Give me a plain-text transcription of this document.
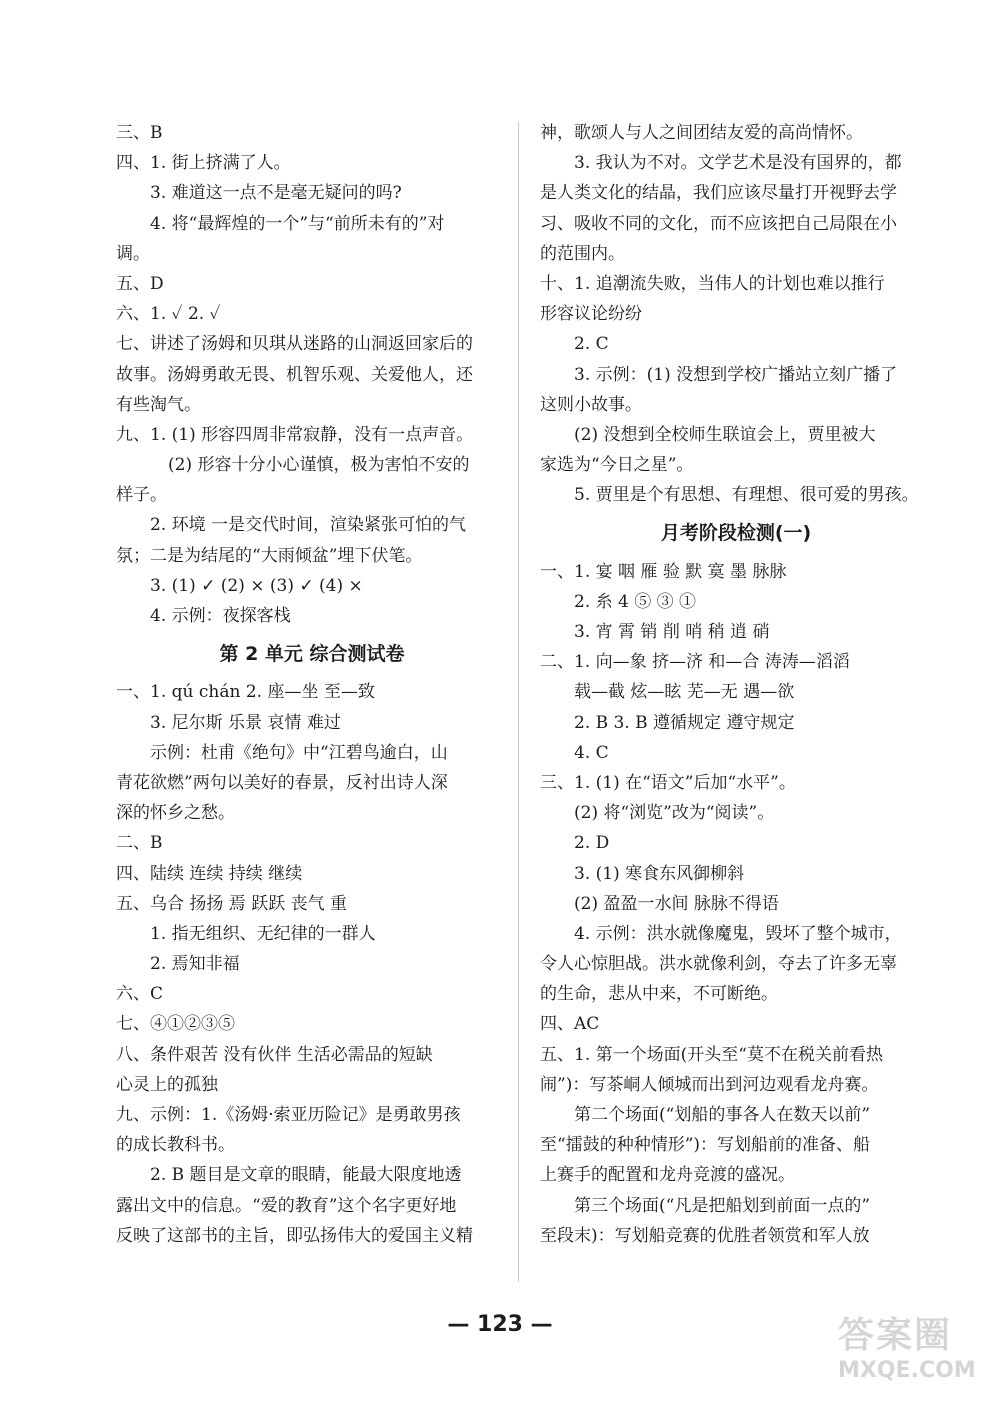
三、B
四、1. 街上挤满了人。
3. 难道这一点不是毫无疑问的吗?
4. 将“最辉煌的一个”与“前所未有的”对
调。
五、D
六、1. ✓ 2. ✓
七、讲述了汤姆和贝琪从迷路的山洞返回家后的
故事。汤姆勇敢无畏、机智乐观、关爱他人，还
有些淘气。
九、1. (1) 形容四周非常寂静，没有一点声音。
(2) 形容十分小心谨慎，极为害怕不安的
样子。
2. 环境 一是交代时间，渲染紧张可怕的气
氛；二是为结尾的“大雨倾盆”埋下伏笔。
3. (1) ✓ (2) × (3) ✓ (4) ×
4. 示例：夜探客栈
第 2 单元 综合测试卷
一、1. qú chán 2. 座—坐 至—致
3. 尼尔斯 乐景 哀情 难过
示例：杜甫《绝句》中“江碧鸟逾白，山
青花欲燃”两句以美好的春景，反衬出诗人深
深的怀乡之愁。
二、B
四、陆续 连续 持续 继续
五、乌合 扬扬 焉 跃跃 丧气 重
1. 指无组织、无纪律的一群人
2. 焉知非福
六、C
七、④①②③⑤
八、条件艰苦 没有伙伴 生活必需品的短缺
心灵上的孤独
九、示例：1.《汤姆·索亚历险记》是勇敢男孩
的成长教科书。
2. B 题目是文章的眼睛，能最大限度地透
露出文中的信息。“爱的教育”这个名字更好地
反映了这部书的主旨，即弘扬伟大的爱国主义精
神，歌颂人与人之间团结友爱的高尚情怀。
3. 我认为不对。文学艺术是没有国界的，都
是人类文化的结晶，我们应该尽量打开视野去学
习、吸收不同的文化，而不应该把自己局限在小
的范围内。
十、1. 追潮流失败，当伟人的计划也难以推行
形容议论纷纷
2. C
3. 示例：(1) 没想到学校广播站立刻广播了
这则小故事。
(2) 没想到全校师生联谊会上，贾里被大
家选为“今日之星”。
5. 贾里是个有思想、有理想、很可爱的男孩。
月考阶段检测(一)
一、1. 宴 咽 雁 验 默 寞 墨 脉脉
2. 糸 4 ⑤ ③ ①
3. 宵 霄 销 削 哨 稍 逍 硝
二、1. 向—象 挤—济 和—合 涛涛—滔滔
载—截 炫—眩 芜—无 遇—欲
2. B 3. B 遵循规定 遵守规定
4. C
三、1. (1) 在“语文”后加“水平”。
(2) 将“浏览”改为“阅读”。
2. D
3. (1) 寒食东风御柳斜
(2) 盈盈一水间 脉脉不得语
4. 示例：洪水就像魔鬼，毁坏了整个城市，
令人心惊胆战。洪水就像利剑，夺去了许多无辜
的生命，悲从中来，不可断绝。
四、AC
五、1. 第一个场面(开头至“莫不在税关前看热
闹”)：写茶峒人倾城而出到河边观看龙舟赛。
第二个场面(“划船的事各人在数天以前”
至“擂鼓的种种情形”)：写划船前的准备、船
上赛手的配置和龙舟竞渡的盛况。
第三个场面(“凡是把船划到前面一点的”
至段末)：写划船竞赛的优胜者领赏和军人放
— 123 —	答案圈
MXQE.COM
